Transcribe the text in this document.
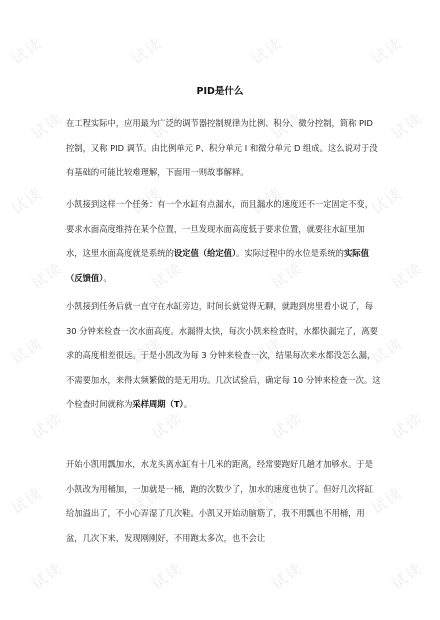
试读	试读	试读	试读
试读	试读	试读	试读
试读	试读	试读	试读
试读	试读	试读	试读
试读	试读	试读	试读
试读	试读	试读	试读
试读	试读	试读	试读
试读	试读	试读	试读
PID是什么

在工程实际中，应用最为广泛的调节器控制规律为比例、积分、微分控制，简称 PID 控制，又称 PID 调节。由比例单元 P、积分单元 I 和微分单元 D 组成。这么说对于没有基础的可能比较难理解，下面用一则故事解释。

小凯接到这样一个任务：有一个水缸有点漏水，而且漏水的速度还不一定固定不变，要求水面高度维持在某个位置，一旦发现水面高度低于要求位置，就要往水缸里加水，这里水面高度就是系统的设定值（给定值）。实际过程中的水位是系统的实际值（反馈值）。

小凯接到任务后就一直守在水缸旁边，时间长就觉得无聊，就跑到房里看小说了，每 30 分钟来检查一次水面高度。水漏得太快，每次小凯来检查时，水都快漏完了，离要求的高度相差很远。于是小凯改为每 3 分钟来检查一次，结果每次来水都没怎么漏，不需要加水，来得太频繁做的是无用功。几次试验后，确定每 10 分钟来检查一次。这个检查时间就称为采样周期（T）。

开始小凯用瓢加水，水龙头离水缸有十几米的距离，经常要跑好几趟才加够水。于是小凯改为用桶加，一加就是一桶，跑的次数少了，加水的速度也快了。但好几次将缸给加溢出了，不小心弄湿了几次鞋。小凯又开始动脑筋了，我不用瓢也不用桶，用盆，几次下来，发现刚刚好，不用跑太多次，也不会让
